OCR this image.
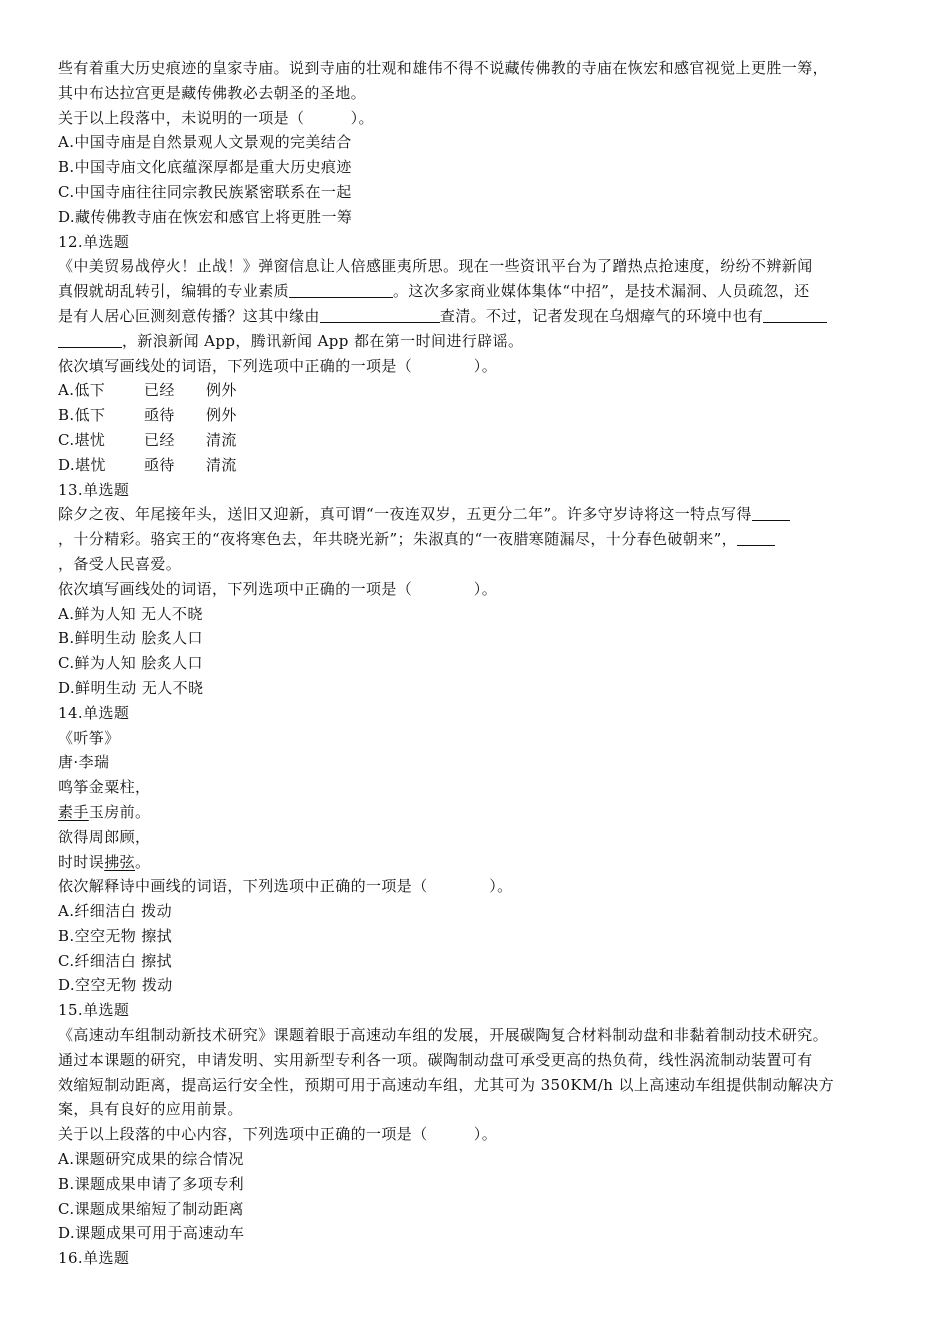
些有着重大历史痕迹的皇家寺庙。说到寺庙的壮观和雄伟不得不说藏传佛教的寺庙在恢宏和感官视觉上更胜一筹，
其中布达拉宫更是藏传佛教必去朝圣的圣地。
关于以上段落中，未说明的一项是（　　　）。
A.中国寺庙是自然景观人文景观的完美结合
B.中国寺庙文化底蕴深厚都是重大历史痕迹
C.中国寺庙往往同宗教民族紧密联系在一起
D.藏传佛教寺庙在恢宏和感官上将更胜一筹
12.单选题
《中美贸易战停火！止战！》弹窗信息让人倍感匪夷所思。现在一些资讯平台为了蹭热点抢速度，纷纷不辨新闻
真假就胡乱转引，编辑的专业素质	。这次多家商业媒体集体“中招”，是技术漏洞、人员疏忽，还
是有人居心叵测刻意传播？这其中缘由	查清。不过，记者发现在乌烟瘴气的环境中也有
，新浪新闻 App，腾讯新闻 App 都在第一时间进行辟谣。
依次填写画线处的词语，下列选项中正确的一项是（　　　　）。
A.低下	已经 例外
B.低下	亟待 例外
C.堪忧	已经 清流
D.堪忧	亟待 清流
13.单选题
除夕之夜、年尾接年头，送旧又迎新，真可谓“一夜连双岁，五更分二年”。许多守岁诗将这一特点写得
，十分精彩。骆宾王的“夜将寒色去，年共晓光新”；朱淑真的“一夜腊寒随漏尽，十分春色破朝来”，
，备受人民喜爱。
依次填写画线处的词语，下列选项中正确的一项是（　　　　）。
A.鲜为人知 无人不晓
B.鲜明生动 脍炙人口
C.鲜为人知 脍炙人口
D.鲜明生动 无人不晓
14.单选题
《听筝》
唐·李瑞
鸣筝金粟柱，
素手玉房前。
欲得周郎顾，
时时误拂弦。
依次解释诗中画线的词语，下列选项中正确的一项是（　　　　）。
A.纤细洁白 拨动
B.空空无物 擦拭
C.纤细洁白 擦拭
D.空空无物 拨动
15.单选题
《高速动车组制动新技术研究》课题着眼于高速动车组的发展，开展碳陶复合材料制动盘和非黏着制动技术研究。
通过本课题的研究，申请发明、实用新型专利各一项。碳陶制动盘可承受更高的热负荷，线性涡流制动装置可有
效缩短制动距离，提高运行安全性，预期可用于高速动车组，尤其可为 350KM/h 以上高速动车组提供制动解决方
案，具有良好的应用前景。
关于以上段落的中心内容，下列选项中正确的一项是（　　　）。
A.课题研究成果的综合情况
B.课题成果申请了多项专利
C.课题成果缩短了制动距离
D.课题成果可用于高速动车
16.单选题
